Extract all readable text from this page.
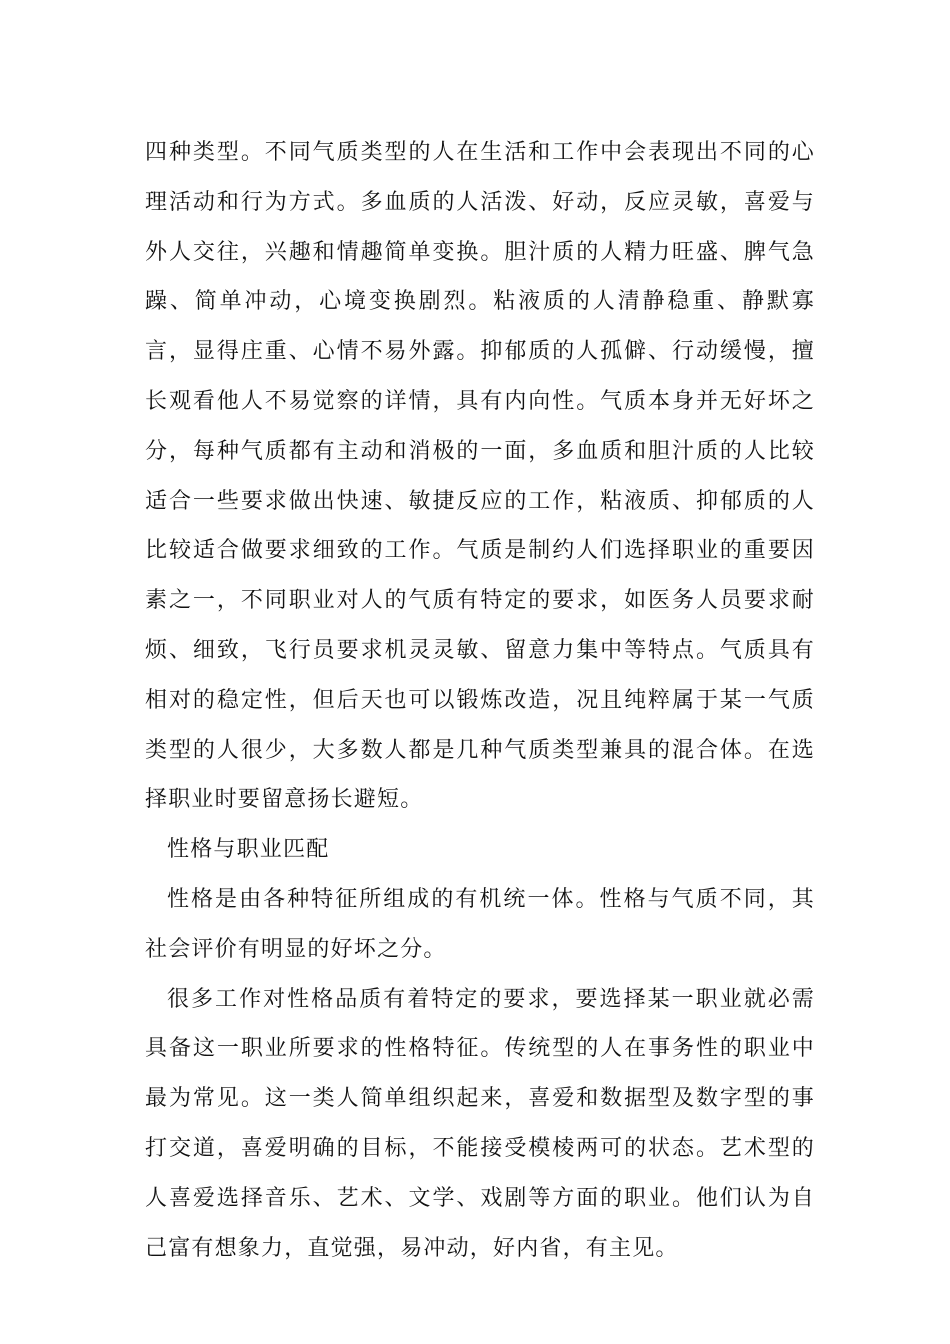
四种类型。不同气质类型的人在生活和工作中会表现出不同的心理活动和行为方式。多血质的人活泼、好动，反应灵敏，喜爱与外人交往，兴趣和情趣简单变换。胆汁质的人精力旺盛、脾气急躁、简单冲动，心境变换剧烈。粘液质的人清静稳重、静默寡言，显得庄重、心情不易外露。抑郁质的人孤僻、行动缓慢，擅长观看他人不易觉察的详情，具有内向性。气质本身并无好坏之分，每种气质都有主动和消极的一面，多血质和胆汁质的人比较适合一些要求做出快速、敏捷反应的工作，粘液质、抑郁质的人比较适合做要求细致的工作。气质是制约人们选择职业的重要因素之一，不同职业对人的气质有特定的要求，如医务人员要求耐烦、细致，飞行员要求机灵灵敏、留意力集中等特点。气质具有相对的稳定性，但后天也可以锻炼改造，况且纯粹属于某一气质类型的人很少，大多数人都是几种气质类型兼具的混合体。在选择职业时要留意扬长避短。

性格与职业匹配

性格是由各种特征所组成的有机统一体。性格与气质不同，其社会评价有明显的好坏之分。

很多工作对性格品质有着特定的要求，要选择某一职业就必需具备这一职业所要求的性格特征。传统型的人在事务性的职业中最为常见。这一类人简单组织起来，喜爱和数据型及数字型的事打交道，喜爱明确的目标，不能接受模棱两可的状态。艺术型的人喜爱选择音乐、艺术、文学、戏剧等方面的职业。他们认为自己富有想象力，直觉强，易冲动，好内省，有主见。
